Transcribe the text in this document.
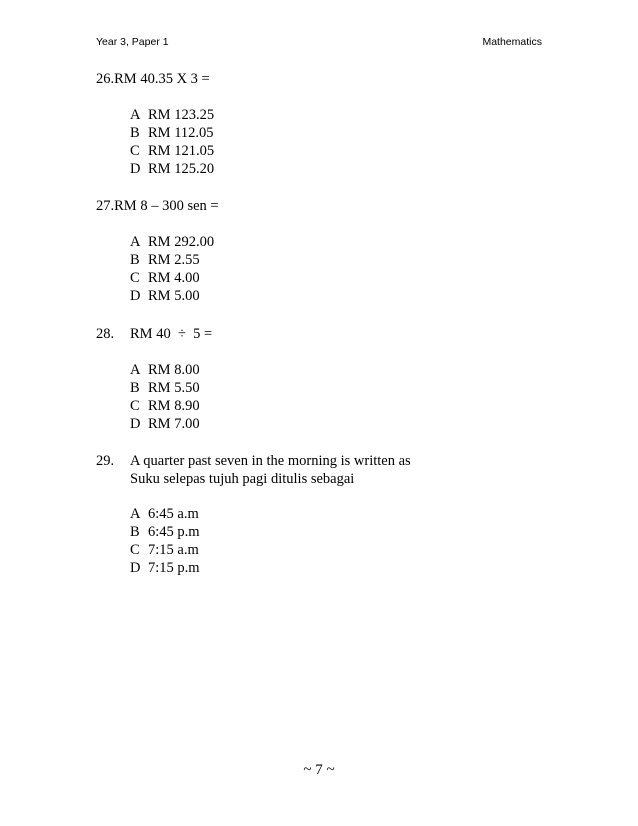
Year 3, Paper 1	Mathematics
26.RM 40.35 X 3 =
A RM 123.25
B RM 112.05
C RM 121.05
D RM 125.20
27.RM 8 – 300 sen =
A RM 292.00
B RM 2.55
C RM 4.00
D RM 5.00
28. RM 40  ÷  5 =
A RM 8.00
B RM 5.50
C RM 8.90
D RM 7.00
29. A quarter past seven in the morning is written as
Suku selepas tujuh pagi ditulis sebagai
A 6:45 a.m
B 6:45 p.m
C 7:15 a.m
D 7:15 p.m
~ 7 ~
